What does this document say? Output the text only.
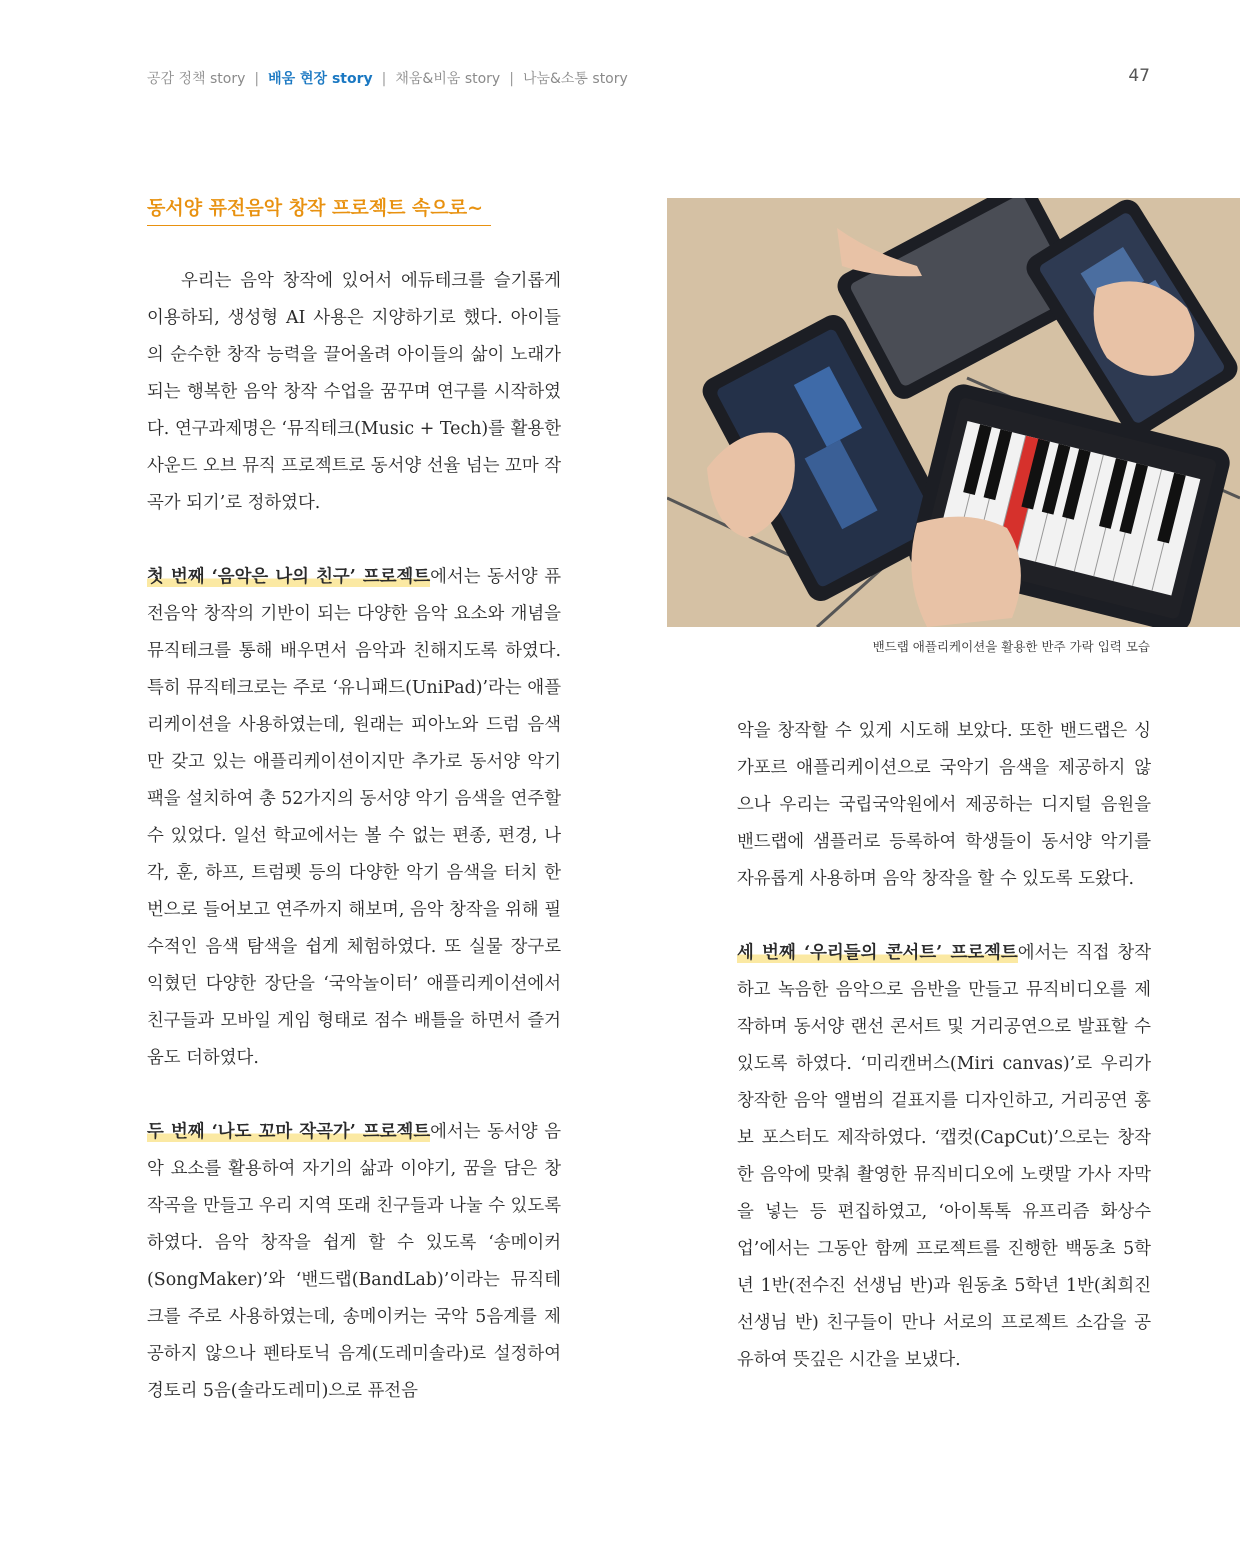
공감 정책 story | 배움 현장 story | 채움&비움 story | 나눔&소통 story	47
동서양 퓨전음악 창작 프로젝트 속으로~

우리는 음악 창작에 있어서 에듀테크를 슬기롭게 이용하되, 생성형 AI 사용은 지양하기로 했다. 아이들의 순수한 창작 능력을 끌어올려 아이들의 삶이 노래가 되는 행복한 음악 창작 수업을 꿈꾸며 연구를 시작하였다. 연구과제명은 ‘뮤직테크(Music + Tech)를 활용한 사운드 오브 뮤직 프로젝트로 동서양 선율 넘는 꼬마 작곡가 되기’로 정하였다.

첫 번째 ‘음악은 나의 친구’ 프로젝트에서는 동서양 퓨전음악 창작의 기반이 되는 다양한 음악 요소와 개념을 뮤직테크를 통해 배우면서 음악과 친해지도록 하였다. 특히 뮤직테크로는 주로 ‘유니패드(UniPad)’라는 애플리케이션을 사용하였는데, 원래는 피아노와 드럼 음색만 갖고 있는 애플리케이션이지만 추가로 동서양 악기팩을 설치하여 총 52가지의 동서양 악기 음색을 연주할 수 있었다. 일선 학교에서는 볼 수 없는 편종, 편경, 나각, 훈, 하프, 트럼펫 등의 다양한 악기 음색을 터치 한 번으로 들어보고 연주까지 해보며, 음악 창작을 위해 필수적인 음색 탐색을 쉽게 체험하였다. 또 실물 장구로 익혔던 다양한 장단을 ‘국악놀이터’ 애플리케이션에서 친구들과 모바일 게임 형태로 점수 배틀을 하면서 즐거움도 더하였다.

두 번째 ‘나도 꼬마 작곡가’ 프로젝트에서는 동서양 음악 요소를 활용하여 자기의 삶과 이야기, 꿈을 담은 창작곡을 만들고 우리 지역 또래 친구들과 나눌 수 있도록 하였다. 음악 창작을 쉽게 할 수 있도록 ‘송메이커(SongMaker)’와 ‘밴드랩(BandLab)’이라는 뮤직테크를 주로 사용하였는데, 송메이커는 국악 5음계를 제공하지 않으나 펜타토닉 음계(도레미솔라)로 설정하여 경토리 5음(솔라도레미)으로 퓨전음

밴드랩 애플리케이션을 활용한 반주 가락 입력 모습

악을 창작할 수 있게 시도해 보았다. 또한 밴드랩은 싱가포르 애플리케이션으로 국악기 음색을 제공하지 않으나 우리는 국립국악원에서 제공하는 디지털 음원을 밴드랩에 샘플러로 등록하여 학생들이 동서양 악기를 자유롭게 사용하며 음악 창작을 할 수 있도록 도왔다.

세 번째 ‘우리들의 콘서트’ 프로젝트에서는 직접 창작하고 녹음한 음악으로 음반을 만들고 뮤직비디오를 제작하며 동서양 랜선 콘서트 및 거리공연으로 발표할 수 있도록 하였다. ‘미리캔버스(Miri canvas)’로 우리가 창작한 음악 앨범의 겉표지를 디자인하고, 거리공연 홍보 포스터도 제작하였다. ‘캡컷(CapCut)’으로는 창작한 음악에 맞춰 촬영한 뮤직비디오에 노랫말 가사 자막을 넣는 등 편집하였고, ‘아이톡톡 유프리즘 화상수업’에서는 그동안 함께 프로젝트를 진행한 백동초 5학년 1반(전수진 선생님 반)과 원동초 5학년 1반(최희진 선생님 반) 친구들이 만나 서로의 프로젝트 소감을 공유하여 뜻깊은 시간을 보냈다.
